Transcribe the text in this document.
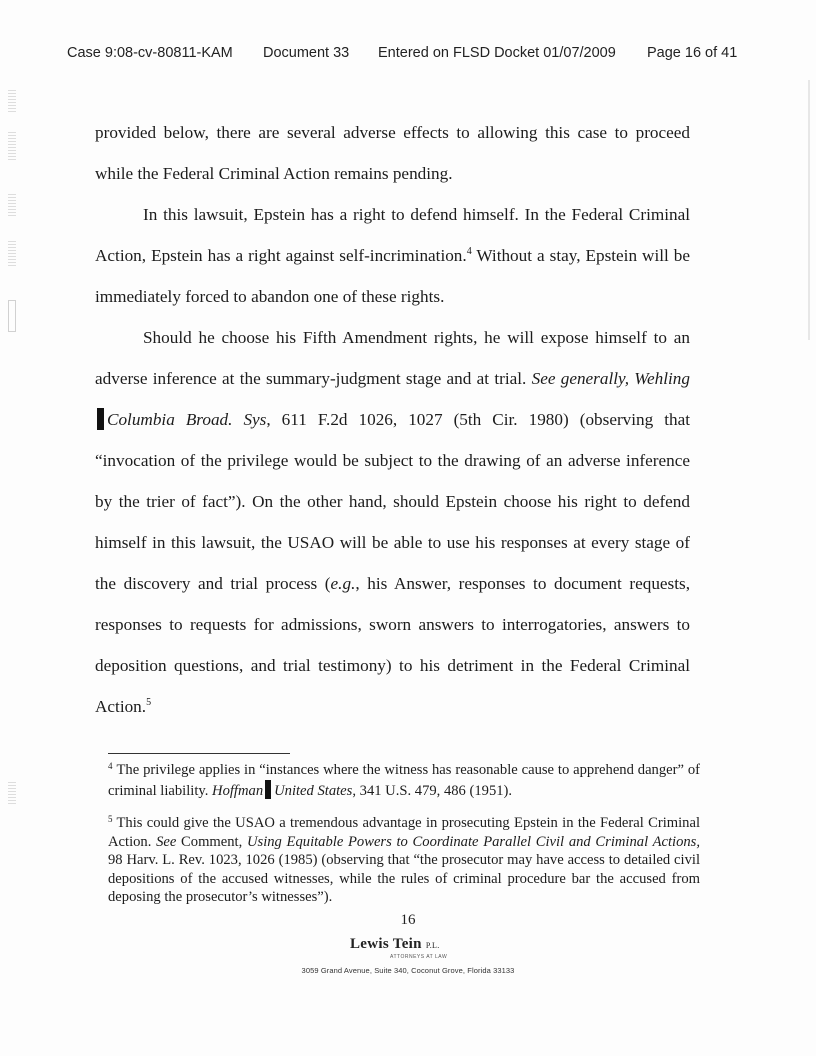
Case 9:08-cv-80811-KAM Document 33 Entered on FLSD Docket 01/07/2009 Page 16 of 41

provided below, there are several adverse effects to allowing this case to proceed while the Federal Criminal Action remains pending.

In this lawsuit, Epstein has a right to defend himself. In the Federal Criminal Action, Epstein has a right against self-incrimination.$^4$ Without a stay, Epstein will be immediately forced to abandon one of these rights.

Should he choose his Fifth Amendment rights, he will expose himself to an adverse inference at the summary-judgment stage and at trial. See generally, WehlingColumbia Broad. Sys, 611 F.2d 1026, 1027 (5th Cir. 1980) (observing that “invocation of the privilege would be subject to the drawing of an adverse inference by the trier of fact”). On the other hand, should Epstein choose his right to defend himself in this lawsuit, the USAO will be able to use his responses at every stage of the discovery and trial process (e.g., his Answer, responses to document requests, responses to requests for admissions, sworn answers to interrogatories, answers to deposition questions, and trial testimony) to his detriment in the Federal Criminal Action.$^5$

$^4$ The privilege applies in “instances where the witness has reasonable cause to apprehend danger” of criminal liability. Hoffman United States, 341 U.S. 479, 486 (1951).

$^5$ This could give the USAO a tremendous advantage in prosecuting Epstein in the Federal Criminal Action. See Comment, Using Equitable Powers to Coordinate Parallel Civil and Criminal Actions, 98 Harv. L. Rev. 1023, 1026 (1985) (observing that “the prosecutor may have access to detailed civil depositions of the accused witnesses, while the rules of criminal procedure bar the accused from deposing the prosecutor’s witnesses”).

16
Lewis Tein P.L.
ATTORNEYS AT LAW
3059 Grand Avenue, Suite 340, Coconut Grove, Florida 33133
